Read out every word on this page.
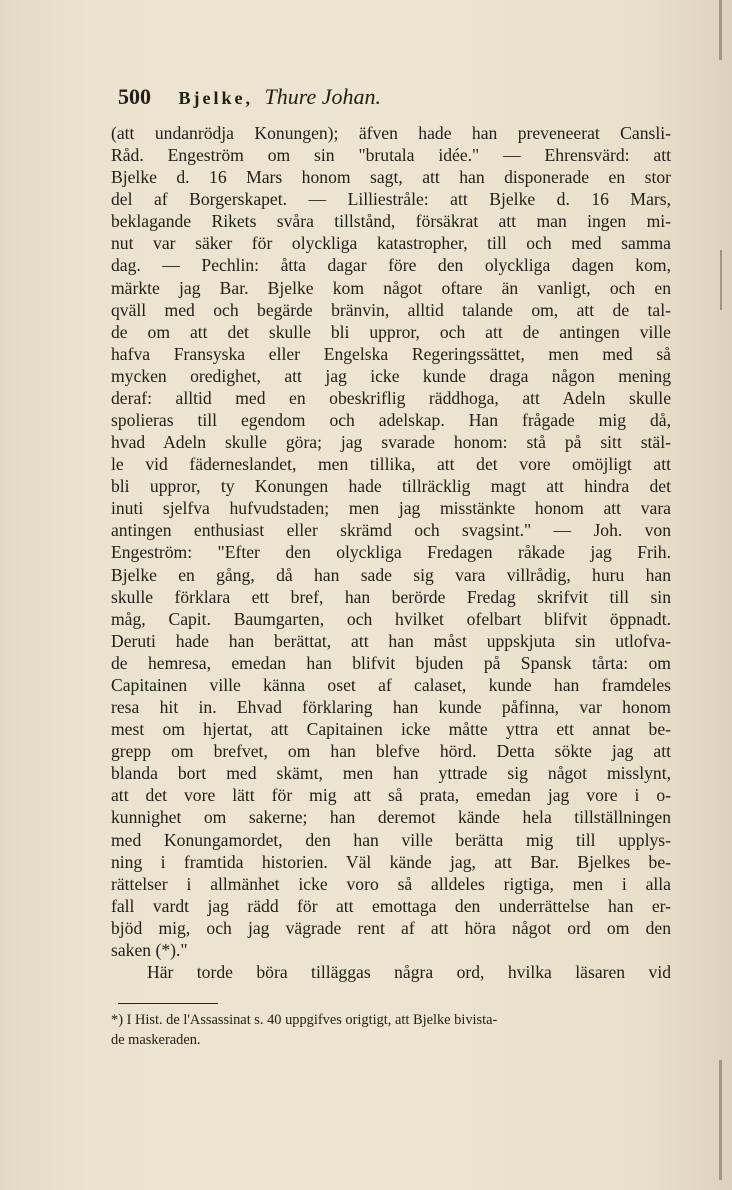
500 Bjelke, Thure Johan.
(att undanrödja Konungen); äfven hade han preveneerat Cansli-
Råd. Engeström om sin "brutala idée." — Ehrensvärd: att
Bjelke d. 16 Mars honom sagt, att han disponerade en stor
del af Borgerskapet. — Lilliestråle: att Bjelke d. 16 Mars,
beklagande Rikets svåra tillstånd, försäkrat att man ingen mi-
nut var säker för olyckliga katastropher, till och med samma
dag. — Pechlin: åtta dagar före den olyckliga dagen kom,
märkte jag Bar. Bjelke kom något oftare än vanligt, och en
qväll med och begärde bränvin, alltid talande om, att de tal-
de om att det skulle bli uppror, och att de antingen ville
hafva Fransyska eller Engelska Regeringssättet, men med så
mycken oredighet, att jag icke kunde draga någon mening
deraf: alltid med en obeskriflig räddhoga, att Adeln skulle
spolieras till egendom och adelskap. Han frågade mig då,
hvad Adeln skulle göra; jag svarade honom: stå på sitt stäl-
le vid fäderneslandet, men tillika, att det vore omöjligt att
bli uppror, ty Konungen hade tillräcklig magt att hindra det
inuti sjelfva hufvudstaden; men jag misstänkte honom att vara
antingen enthusiast eller skrämd och svagsint." — Joh. von
Engeström: "Efter den olyckliga Fredagen råkade jag Frih.
Bjelke en gång, då han sade sig vara villrådig, huru han
skulle förklara ett bref, han berörde Fredag skrifvit till sin
måg, Capit. Baumgarten, och hvilket ofelbart blifvit öppnadt.
Deruti hade han berättat, att han måst uppskjuta sin utlofva-
de hemresa, emedan han blifvit bjuden på Spansk tårta: om
Capitainen ville känna oset af calaset, kunde han framdeles
resa hit in. Ehvad förklaring han kunde påfinna, var honom
mest om hjertat, att Capitainen icke måtte yttra ett annat be-
grepp om brefvet, om han blefve hörd. Detta sökte jag att
blanda bort med skämt, men han yttrade sig något misslynt,
att det vore lätt för mig att så prata, emedan jag vore i o-
kunnighet om sakerne; han deremot kände hela tillställningen
med Konungamordet, den han ville berätta mig till upplys-
ning i framtida historien. Väl kände jag, att Bar. Bjelkes be-
rättelser i allmänhet icke voro så alldeles rigtiga, men i alla
fall vardt jag rädd för att emottaga den underrättelse han er-
bjöd mig, och jag vägrade rent af att höra något ord om den
saken (*)."
Här torde böra tilläggas några ord, hvilka läsaren vid
*) I Hist. de l'Assassinat s. 40 uppgifves origtigt, att Bjelke bivista-
de maskeraden.
